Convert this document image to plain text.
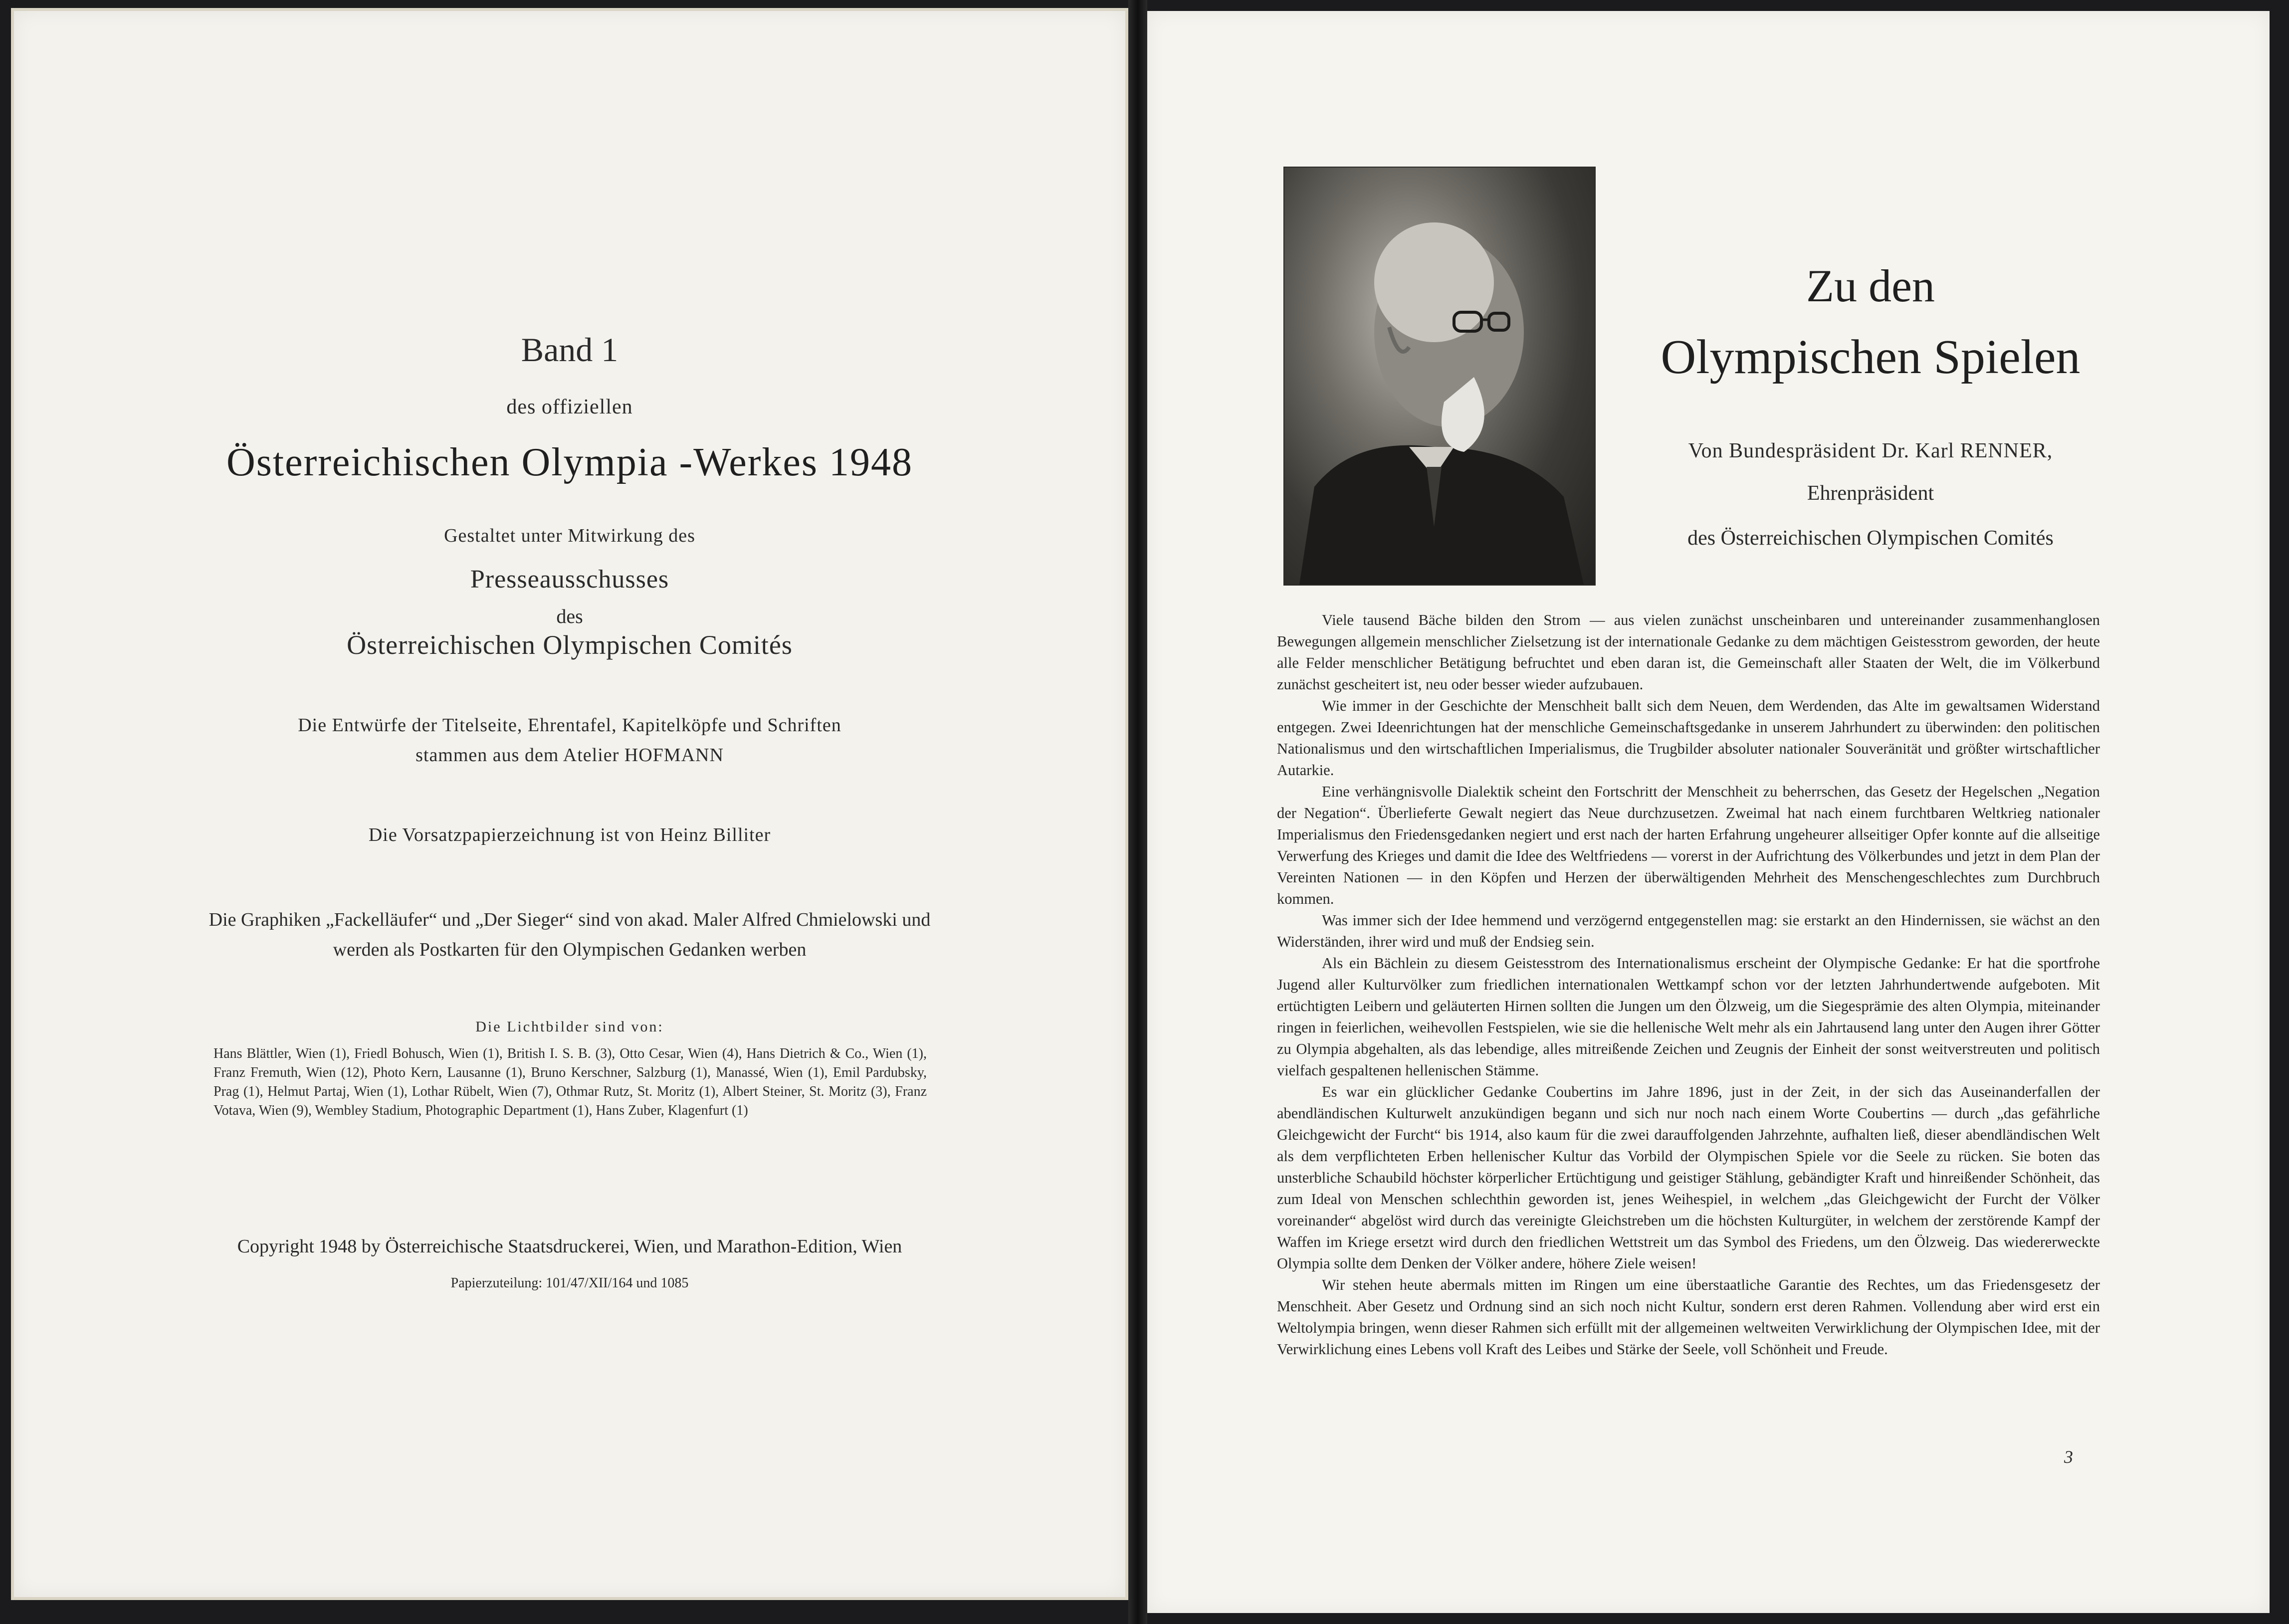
Band 1
des offiziellen
Österreichischen Olympia -Werkes 1948
Gestaltet unter Mitwirkung des
Presseausschusses
des
Österreichischen Olympischen Comités
Die Entwürfe der Titelseite, Ehrentafel, Kapitelköpfe und Schriften
stammen aus dem Atelier HOFMANN
Die Vorsatzpapierzeichnung ist von Heinz Billiter
Die Graphiken „Fackelläufer“ und „Der Sieger“ sind von akad. Maler Alfred Chmielowski und
werden als Postkarten für den Olympischen Gedanken werben
Die Lichtbilder sind von:
Hans Blättler, Wien (1), Friedl Bohusch, Wien (1), British I. S. B. (3), Otto Cesar, Wien (4), Hans Dietrich & Co., Wien (1), Franz Fremuth, Wien (12), Photo Kern, Lausanne (1), Bruno Kerschner, Salzburg (1), Manassé, Wien (1), Emil Pardubsky, Prag (1), Helmut Partaj, Wien (1), Lothar Rübelt, Wien (7), Othmar Rutz, St. Moritz (1), Albert Steiner, St. Moritz (3), Franz Votava, Wien (9), Wembley Stadium, Photographic Department (1), Hans Zuber, Klagenfurt (1)
Copyright 1948 by Österreichische Staatsdruckerei, Wien, und Marathon-Edition, Wien
Papierzuteilung: 101/47/XII/164 und 1085
Zu den
Olympischen Spielen
Von Bundespräsident Dr. Karl RENNER,
Ehrenpräsident
des Österreichischen Olympischen Comités

Viele tausend Bäche bilden den Strom — aus vielen zunächst unscheinbaren und untereinander zusammenhanglosen Bewegungen allgemein menschlicher Zielsetzung ist der internationale Gedanke zu dem mächtigen Geistesstrom geworden, der heute alle Felder menschlicher Betätigung befruchtet und eben daran ist, die Gemeinschaft aller Staaten der Welt, die im Völkerbund zunächst gescheitert ist, neu oder besser wieder aufzubauen.

Wie immer in der Geschichte der Menschheit ballt sich dem Neuen, dem Werdenden, das Alte im gewaltsamen Widerstand entgegen. Zwei Ideenrichtungen hat der menschliche Gemeinschaftsgedanke in unserem Jahrhundert zu überwinden: den politischen Nationalismus und den wirtschaftlichen Imperialismus, die Trugbilder absoluter nationaler Souveränität und größter wirtschaftlicher Autarkie.

Eine verhängnisvolle Dialektik scheint den Fortschritt der Menschheit zu beherrschen, das Gesetz der Hegelschen „Negation der Negation“. Überlieferte Gewalt negiert das Neue durchzusetzen. Zweimal hat nach einem furchtbaren Weltkrieg nationaler Imperialismus den Friedensgedanken negiert und erst nach der harten Erfahrung ungeheurer allseitiger Opfer konnte auf die allseitige Verwerfung des Krieges und damit die Idee des Weltfriedens — vorerst in der Aufrichtung des Völkerbundes und jetzt in dem Plan der Vereinten Nationen — in den Köpfen und Herzen der überwältigenden Mehrheit des Menschengeschlechtes zum Durchbruch kommen.

Was immer sich der Idee hemmend und verzögernd entgegenstellen mag: sie erstarkt an den Hindernissen, sie wächst an den Widerständen, ihrer wird und muß der Endsieg sein.

Als ein Bächlein zu diesem Geistesstrom des Internationalismus erscheint der Olympische Gedanke: Er hat die sportfrohe Jugend aller Kulturvölker zum friedlichen internationalen Wettkampf schon vor der letzten Jahrhundertwende aufgeboten. Mit ertüchtigten Leibern und geläuterten Hirnen sollten die Jungen um den Ölzweig, um die Siegesprämie des alten Olympia, miteinander ringen in feierlichen, weihevollen Festspielen, wie sie die hellenische Welt mehr als ein Jahrtausend lang unter den Augen ihrer Götter zu Olympia abgehalten, als das lebendige, alles mitreißende Zeichen und Zeugnis der Einheit der sonst weitverstreuten und politisch vielfach gespaltenen hellenischen Stämme.

Es war ein glücklicher Gedanke Coubertins im Jahre 1896, just in der Zeit, in der sich das Auseinanderfallen der abendländischen Kulturwelt anzukündigen begann und sich nur noch nach einem Worte Coubertins — durch „das gefährliche Gleichgewicht der Furcht“ bis 1914, also kaum für die zwei darauffolgenden Jahrzehnte, aufhalten ließ, dieser abendländischen Welt als dem verpflichteten Erben hellenischer Kultur das Vorbild der Olympischen Spiele vor die Seele zu rücken. Sie boten das unsterbliche Schaubild höchster körperlicher Ertüchtigung und geistiger Stählung, gebändigter Kraft und hinreißender Schönheit, das zum Ideal von Menschen schlechthin geworden ist, jenes Weihespiel, in welchem „das Gleichgewicht der Furcht der Völker voreinander“ abgelöst wird durch das vereinigte Gleichstreben um die höchsten Kulturgüter, in welchem der zerstörende Kampf der Waffen im Kriege ersetzt wird durch den friedlichen Wettstreit um das Symbol des Friedens, um den Ölzweig. Das wiedererweckte Olympia sollte dem Denken der Völker andere, höhere Ziele weisen!

Wir stehen heute abermals mitten im Ringen um eine überstaatliche Garantie des Rechtes, um das Friedensgesetz der Menschheit. Aber Gesetz und Ordnung sind an sich noch nicht Kultur, sondern erst deren Rahmen. Vollendung aber wird erst ein Weltolympia bringen, wenn dieser Rahmen sich erfüllt mit der allgemeinen weltweiten Verwirklichung der Olympischen Idee, mit der Verwirklichung eines Lebens voll Kraft des Leibes und Stärke der Seele, voll Schönheit und Freude.

3
